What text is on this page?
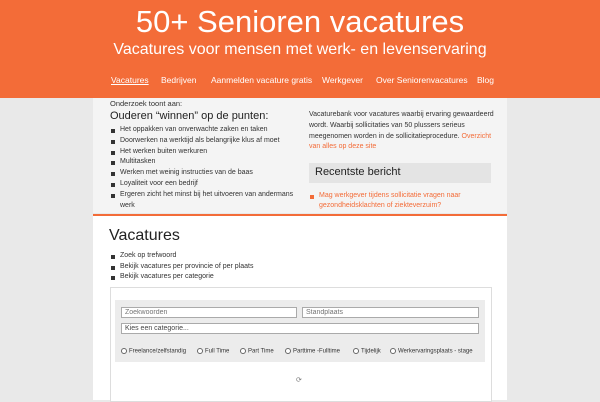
50+ Senioren vacatures
Vacatures voor mensen met werk- en levenservaring
Vacatures Bedrijven Aanmelden vacature gratis Werkgever Over Seniorenvacatures Blog
Onderzoek toont aan:
Ouderen “winnen” op de punten:
Het oppakken van onverwachte zaken en taken
Doorwerken na werktijd als belangrijke klus af moet
Het werken buiten werkuren
Multitasken
Werken met weinig instructies van de baas
Loyaliteit voor een bedrijf
Ergeren zicht het minst bij het uitvoeren van andermans werk
Vacaturebank voor vacatures waarbij ervaring gewaardeerd wordt. Waarbij sollicitaties van 50 plussers serieus meegenomen worden in de sollicitatieprocedure. Overzicht van alles op deze site
Recentste bericht
Mag werkgever tijdens sollicitatie vragen naar gezondheidsklachten of ziekteverzuim?
Vacatures
Zoek op trefwoord
Bekijk vacatures per provincie of per plaats
Bekijk vacatures per categorie
Zoekwoorden
Standplaats
Kies een categorie...
Freelance/zelfstandig	Full Time	Part Time	Parttime -Fulltime	Tijdelijk	Werkervaringsplaats - stage
⟳
